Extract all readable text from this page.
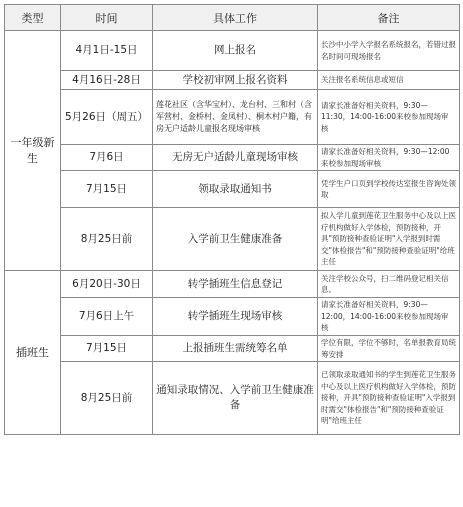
类型	时间	具体工作	备注
一年级新生	4月1日-15日	网上报名	长沙中小学入学报名系统报名，若错过报名时间可现场报名
	4月16日-28日	学校初审网上报名资料	关注报名系统信息或短信
	5月26日（周五）	莲花社区（含华宝村）、龙台村、三和村（含军营村、金桥村、金凤村）、桐木村户籍，有房无户适龄儿童报名现场审核	请家长准备好相关资料，9:30—11:30，14:00-16:00来校参加现场审核
	7月6日	无房无户适龄儿童现场审核	请家长准备好相关资料，9:30—12:00来校参加现场审核
	7月15日	领取录取通知书	凭学生户口页到学校传达室报生咨询处领取
	8月25日前	入学前卫生健康准备	拟入学儿童到莲花卫生服务中心及以上医疗机构做好入学体检，预防接种，开具"预防接种查验证明"入学报到时需交"体检报告"和"预防接种查验证明"给班主任
插班生	6月20日-30日	转学插班生信息登记	关注学校公众号，扫二维码登记相关信息。
	7月6日上午	转学插班生现场审核	请家长准备好相关资料，9:30—12:00，14:00-16:00来校参加现场审核
	7月15日	上报插班生需统筹名单	学位有限，学位不够时，名单报教育局统筹安排
	8月25日前	通知录取情况、入学前卫生健康准备	已领取录取通知书的学生到莲花卫生服务中心及以上医疗机构做好入学体检，预防接种，开具"预防接种查验证明"入学报到时需交"体检报告"和"预防接种查验证明"给班主任
